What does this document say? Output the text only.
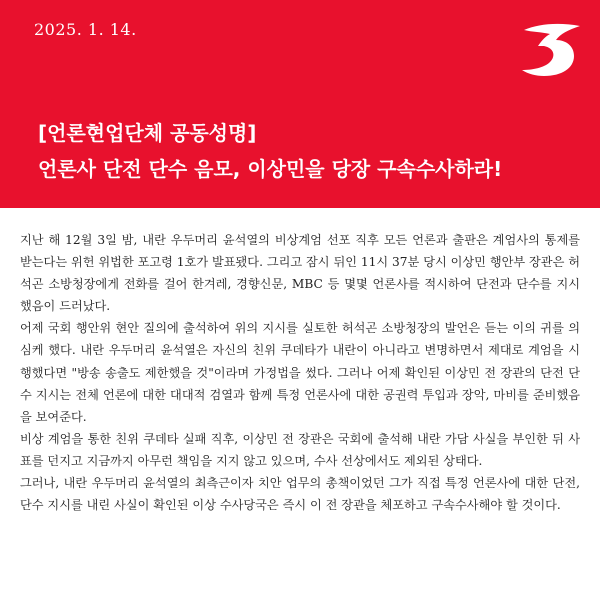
2025. 1. 14.
[언론현업단체 공동성명]
언론사 단전 단수 음모, 이상민을 당장 구속수사하라!

지난 해 12월 3일 밤, 내란 우두머리 윤석열의 비상계엄 선포 직후 모든 언론과 출판은 계엄사의 통제를 받는다는 위헌 위법한 포고령 1호가 발표됐다. 그리고 잠시 뒤인 11시 37분 당시 이상민 행안부 장관은 허석곤 소방청장에게 전화를 걸어 한겨레, 경향신문, MBC 등 몇몇 언론사를 적시하여 단전과 단수를 지시했음이 드러났다.

어제 국회 행안위 현안 질의에 출석하여 위의 지시를 실토한 허석곤 소방청장의 발언은 듣는 이의 귀를 의심케 했다. 내란 우두머리 윤석열은 자신의 친위 쿠데타가 내란이 아니라고 변명하면서 제대로 계엄을 시행했다면 "방송 송출도 제한했을 것"이라며 가정법을 썼다. 그러나 어제 확인된 이상민 전 장관의 단전 단수 지시는 전체 언론에 대한 대대적 검열과 함께 특정 언론사에 대한 공권력 투입과 장악, 마비를 준비했음을 보여준다.

비상 계엄을 통한 친위 쿠데타 실패 직후, 이상민 전 장관은 국회에 출석해 내란 가담 사실을 부인한 뒤 사표를 던지고 지금까지 아무런 책임을 지지 않고 있으며, 수사 선상에서도 제외된 상태다.

그러나, 내란 우두머리 윤석열의 최측근이자 치안 업무의 총책이었던 그가 직접 특정 언론사에 대한 단전, 단수 지시를 내린 사실이 확인된 이상 수사당국은 즉시 이 전 장관을 체포하고 구속수사해야 할 것이다.
